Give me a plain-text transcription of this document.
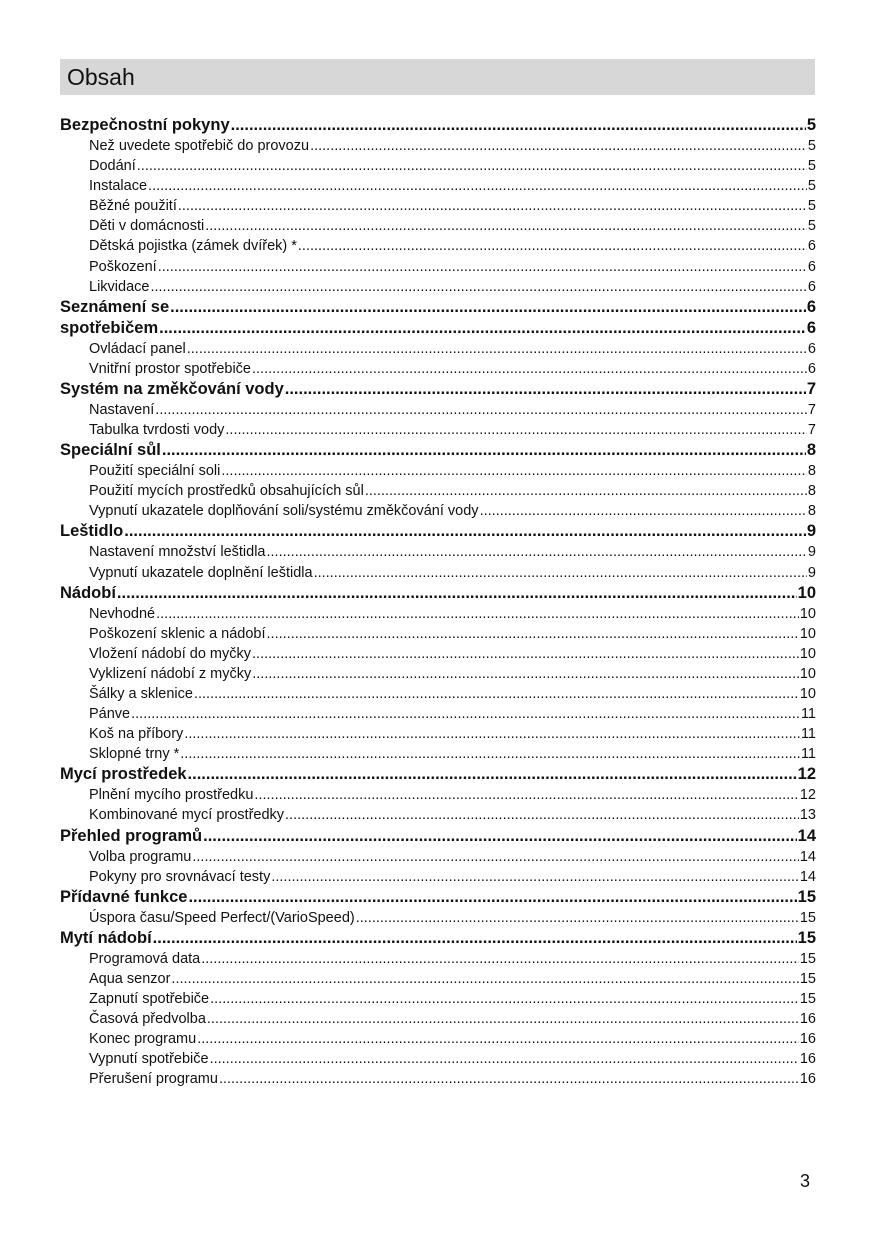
Obsah
Bezpečnostní pokyny .....	5
Než uvedete spotřebič do provozu .....	5
Dodání .....	5
Instalace .....	5
Běžné použití .....	5
Děti v domácnosti .....	5
Dětská pojistka (zámek dvířek) * .....	6
Poškození .....	6
Likvidace .....	6
Seznámení se .....	6
spotřebičem .....	6
Ovládací panel .....	6
Vnitřní prostor spotřebiče .....	6
Systém na změkčování vody .....	7
Nastavení .....	7
Tabulka tvrdosti vody .....	7
Speciální sůl .....	8
Použití speciální soli .....	8
Použití mycích prostředků obsahujících sůl .....	8
Vypnutí ukazatele doplňování soli/systému změkčování vody .....	8
Leštidlo .....	9
Nastavení množství leštidla .....	9
Vypnutí ukazatele doplnění leštidla .....	9
Nádobí .....	10
Nevhodné .....	10
Poškození sklenic a nádobí .....	10
Vložení nádobí do myčky .....	10
Vyklizení nádobí z myčky .....	10
Šálky a sklenice .....	10
Pánve .....	11
Koš na příbory .....	11
Sklopné trny * .....	11
Mycí prostředek .....	12
Plnění mycího prostředku .....	12
Kombinované mycí prostředky .....	13
Přehled programů .....	14
Volba programu .....	14
Pokyny pro srovnávací testy .....	14
Přídavné funkce .....	15
Úspora času/Speed Perfect/(VarioSpeed) .....	15
Mytí nádobí .....	15
Programová data .....	15
Aqua senzor .....	15
Zapnutí spotřebiče .....	15
Časová předvolba .....	16
Konec programu .....	16
Vypnutí spotřebiče .....	16
Přerušení programu .....	16
3
